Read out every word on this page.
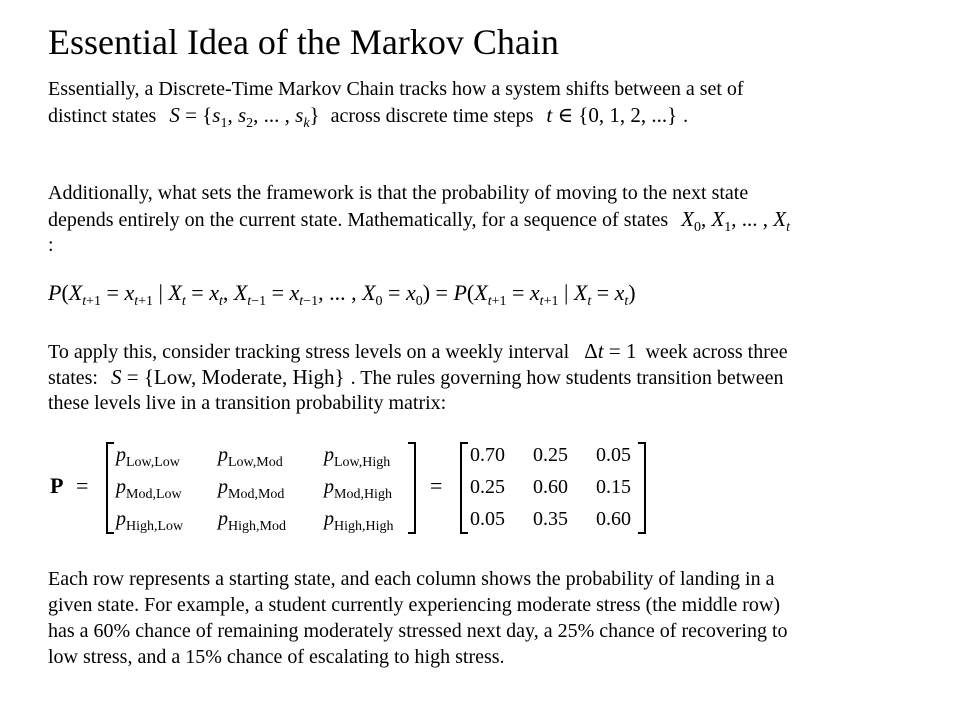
Essential Idea of the Markov Chain
Essentially, a Discrete-Time Markov Chain tracks how a system shifts between a set of
distinct states $S = \{s_1$, $s_2$, ... , $s_k$} across discrete time steps t ∈ {0, 1, 2, ...} .
Additionally, what sets the framework is that the probability of moving to the next state
depends entirely on the current state. Mathematically, for a sequence of states $X_0$, $X_1$, ... , $X_t$
:
$P(X_{t+1} = x_{t+1}$ | $X_t = x_t$, $X_{t-1} = x_{t-1}$, ... , $X_0 = x_0) = P(X_{t+1} = x_{t+1}$ | $X_t = x_t$)
To apply this, consider tracking stress levels on a weekly interval Δt = 1 week across three
states: S = {Low, Moderate, High} . The rules governing how students transition between
these levels live in a transition probability matrix:
P =
$p_{Low,Low}$ $p_{Low,Mod}$ $p_{Low,High}$
$p_{Mod,Low}$ $p_{Mod,Mod}$ $p_{Mod,High}$
$p_{High,Low}$ $p_{High,Mod}$ $p_{High,High}$
=
0.70 0.25 0.05
0.25 0.60 0.15
0.05 0.35 0.60
Each row represents a starting state, and each column shows the probability of landing in a
given state. For example, a student currently experiencing moderate stress (the middle row)
has a 60% chance of remaining moderately stressed next day, a 25% chance of recovering to
low stress, and a 15% chance of escalating to high stress.
